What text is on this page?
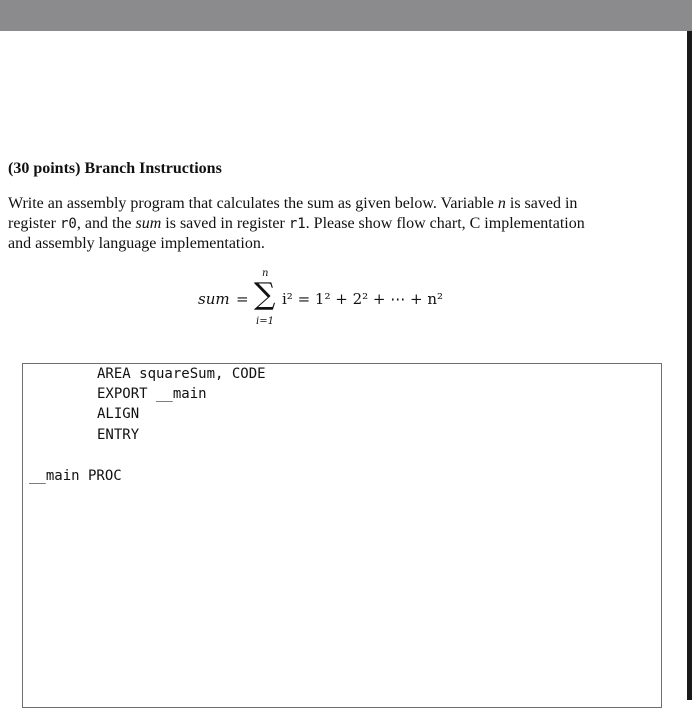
(30 points) Branch Instructions
Write an assembly program that calculates the sum as given below. Variable n is saved in
register r0, and the sum is saved in register r1. Please show flow chart, C implementation
and assembly language implementation.
sum =
n
∑
i=1
i² = 1² + 2² + ⋯ + n²
AREA squareSum, CODE
EXPORT __main
ALIGN
ENTRY
__main PROC
